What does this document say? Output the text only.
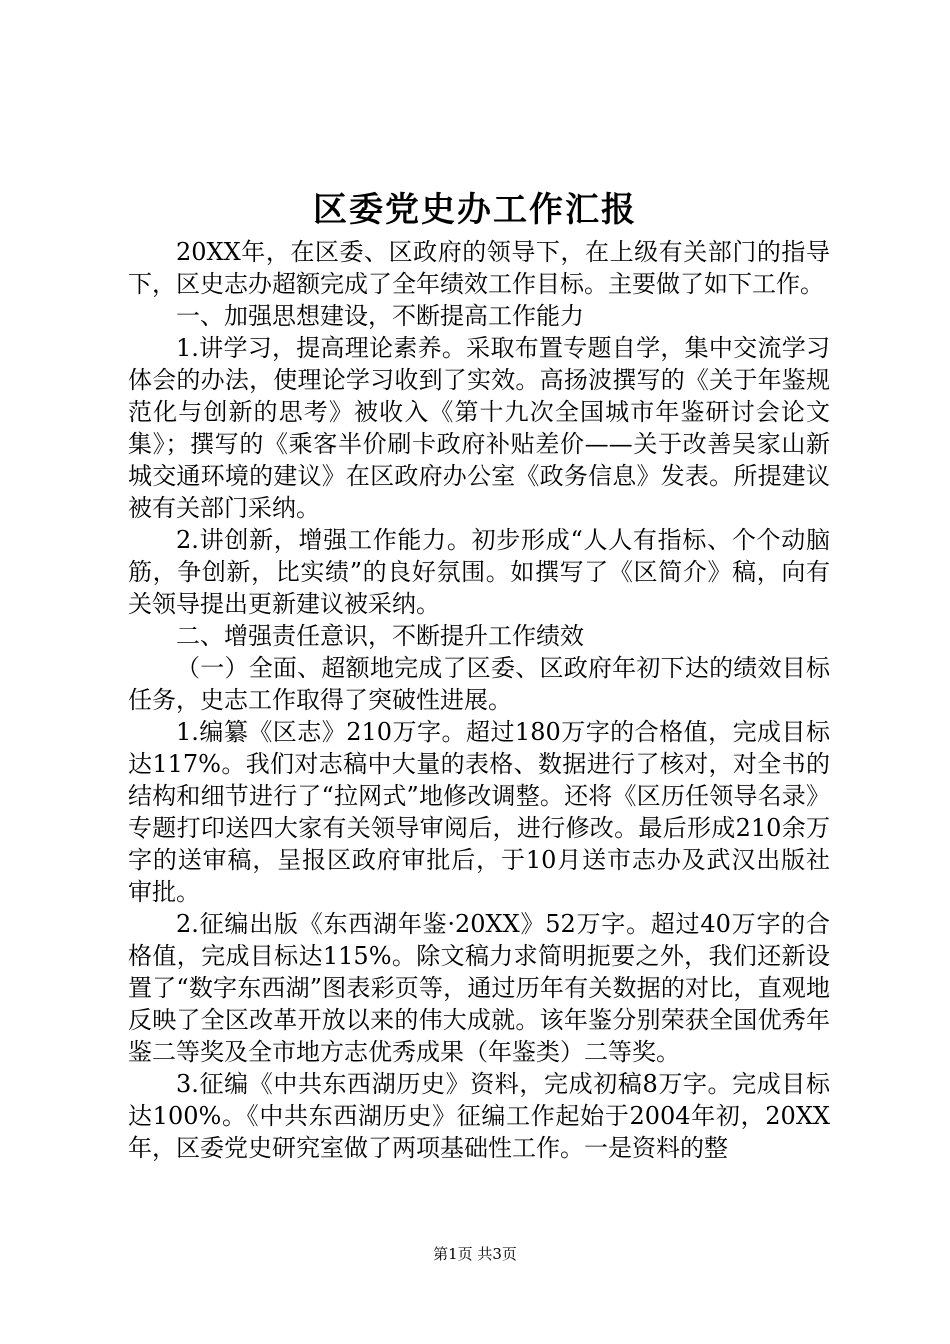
区委党史办工作汇报

20XX年，在区委、区政府的领导下，在上级有关部门的指导下，区史志办超额完成了全年绩效工作目标。主要做了如下工作。

一、加强思想建设，不断提高工作能力

1.讲学习，提高理论素养。采取布置专题自学，集中交流学习体会的办法，使理论学习收到了实效。高扬波撰写的《关于年鉴规范化与创新的思考》被收入《第十九次全国城市年鉴研讨会论文集》；撰写的《乘客半价刷卡政府补贴差价——关于改善吴家山新城交通环境的建议》在区政府办公室《政务信息》发表。所提建议被有关部门采纳。

2.讲创新，增强工作能力。初步形成“人人有指标、个个动脑筋，争创新，比实绩”的良好氛围。如撰写了《区简介》稿，向有关领导提出更新建议被采纳。

二、增强责任意识，不断提升工作绩效

（一）全面、超额地完成了区委、区政府年初下达的绩效目标任务，史志工作取得了突破性进展。

1.编纂《区志》210万字。超过180万字的合格值，完成目标达117%。我们对志稿中大量的表格、数据进行了核对，对全书的结构和细节进行了“拉网式”地修改调整。还将《区历任领导名录》专题打印送四大家有关领导审阅后，进行修改。最后形成210余万字的送审稿，呈报区政府审批后，于10月送市志办及武汉出版社审批。

2.征编出版《东西湖年鉴·20XX》52万字。超过40万字的合格值，完成目标达115%。除文稿力求简明扼要之外，我们还新设置了“数字东西湖”图表彩页等，通过历年有关数据的对比，直观地反映了全区改革开放以来的伟大成就。该年鉴分别荣获全国优秀年鉴二等奖及全市地方志优秀成果（年鉴类）二等奖。

3.征编《中共东西湖历史》资料，完成初稿8万字。完成目标达100%。《中共东西湖历史》征编工作起始于2004年初，20XX年，区委党史研究室做了两项基础性工作。一是资料的整

第1页 共3页
